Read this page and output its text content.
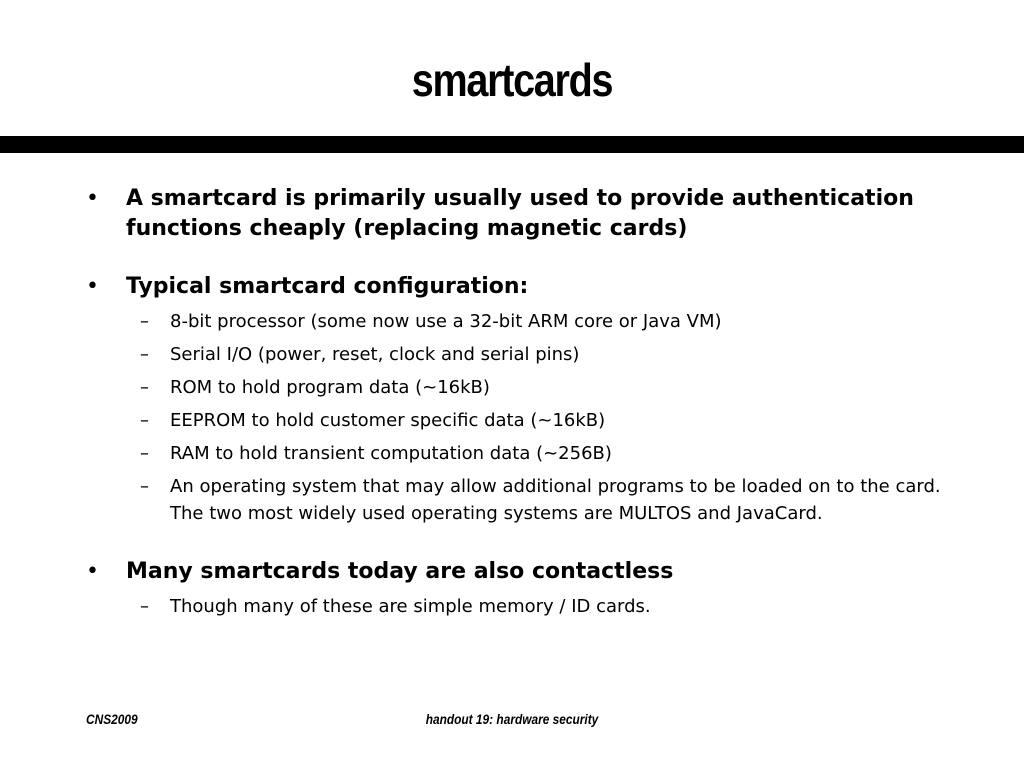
smartcards
• A smartcard is primarily usually used to provide authentication functions cheaply (replacing magnetic cards)
• Typical smartcard configuration:
– 8-bit processor (some now use a 32-bit ARM core or Java VM)
– Serial I/O (power, reset, clock and serial pins)
– ROM to hold program data (~16kB)
– EEPROM to hold customer specific data (~16kB)
– RAM to hold transient computation data (~256B)
– An operating system that may allow additional programs to be loaded on to the card. The two most widely used operating systems are MULTOS and JavaCard.
• Many smartcards today are also contactless
– Though many of these are simple memory / ID cards.
CNS2009	handout 19: hardware security
